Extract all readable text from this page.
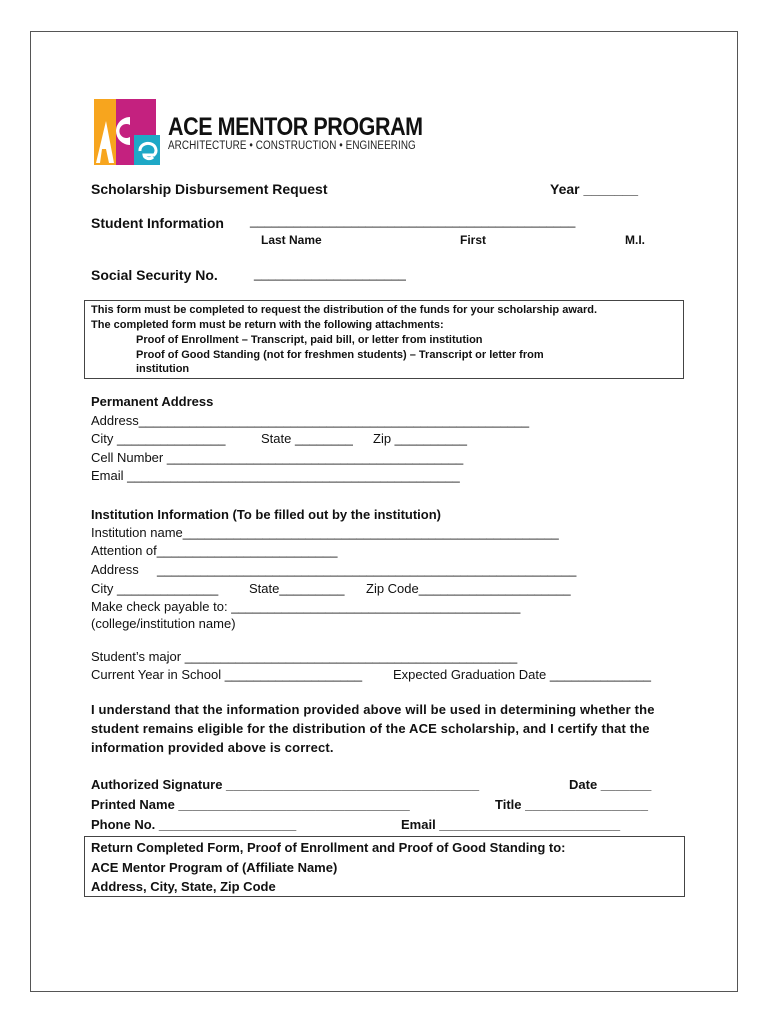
ACE MENTOR PROGRAM
ARCHITECTURE • CONSTRUCTION • ENGINEERING
Scholarship Disbursement Request	Year _______
Student Information _____________________________________________
Last Name	First	M.I.
Social Security No.	_____________________
This form must be completed to request the distribution of the funds for your scholarship award.
The completed form must be return with the following attachments:
Proof of Enrollment – Transcript, paid bill, or letter from institution
Proof of Good Standing (not for freshmen students) – Transcript or letter from
institution
Permanent Address
Address______________________________________________________
City _______________	State ________ Zip __________
Cell Number _________________________________________
Email ______________________________________________
Institution Information (To be filled out by the institution)
Institution name____________________________________________________
Attention of_________________________
Address __________________________________________________________
City ______________ State_________ Zip Code_____________________
Make check payable to: ________________________________________
(college/institution name)
Student’s major ______________________________________________
Current Year in School ___________________ Expected Graduation Date ______________
I understand that the information provided above will be used in determining whether the
student remains eligible for the distribution of the ACE scholarship, and I certify that the
information provided above is correct.
Authorized Signature ___________________________________	Date _______
Printed Name ________________________________	Title _________________
Phone No. ___________________	Email _________________________
Return Completed Form, Proof of Enrollment and Proof of Good Standing to:
ACE Mentor Program of (Affiliate Name)
Address, City, State, Zip Code
